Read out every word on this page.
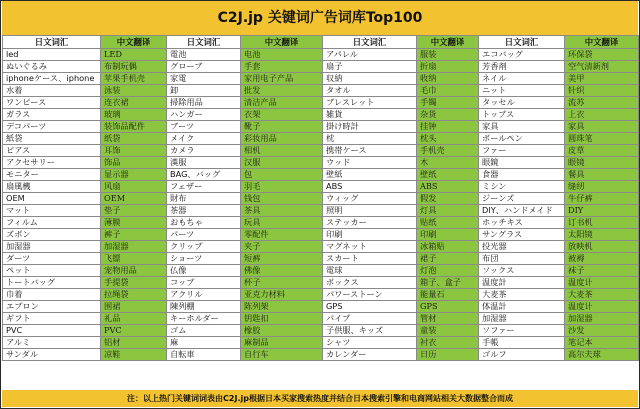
C2J.jp 关键词广告词库Top100
日文词汇	中文翻译	日文词汇	中文翻译	日文词汇	中文翻译	日文词汇	中文翻译
led	LED	電池	电池	アパレル	服装	エコバッグ	环保袋
ぬいぐるみ	布制玩偶	グローブ	手套	扇子	折扇	芳香剤	空气清新剂
iphoneケース、iphone	苹果手机壳	家電	家用电子产品	収納	收纳	ネイル	美甲
水着	泳装	卸	批发	タオル	毛巾	ニット	针织
ワンピース	连衣裙	掃除用品	清洁产品	ブレスレット	手镯	タッセル	流苏
ガラス	玻璃	ハンガー	衣架	雑貨	杂货	トップス	上衣
デコパーツ	装饰品配件	ブーツ	靴子	掛け時計	挂钟	家具	家具
紙袋	纸袋	メイク	彩妆用品	枕	枕头	ボールペン	圆珠笔
ピアス	耳饰	カメラ	相机	携帯ケース	手机壳	ファー	皮草
アクセサリー	饰品	漢服	汉服	ウッド	木	眼鏡	眼镜
モニター	显示器	BAG、バッグ	包	壁紙	壁纸	食器	餐具
扇風機	风扇	フェザー	羽毛	ABS	ABS	ミシン	缝纫
OEM	OEM	財布	钱包	ウィッグ	假发	ジーンズ	牛仔裤
マット	垫子	茶器	茶具	照明	灯具	DIY、ハンドメイド	DIY
フィルム	薄膜	おもちゃ	玩具	ステッカー	贴纸	ホッチキス	订书机
ズボン	裤子	パーツ	零配件	印刷	印刷	サングラス	太阳镜
加湿器	加湿器	クリップ	夹子	マグネット	冰箱贴	投光器	放映机
ダーツ	飞镖	ショーツ	短裤	スカート	裙子	布団	被褥
ペット	宠物用品	仏像	佛像	電球	灯泡	ソックス	袜子
トートバッグ	手提袋	コップ	杯子	ボックス	箱子、盒子	温度計	温度计
巾着	拉绳袋	アクリル	亚克力材料	パワーストーン	能量石	大麦茶	大麦茶
エプロン	围裙	陳列棚	陈列架	GPS	GPS	体温計	温度计
ギフト	礼品	キーホルダー	钥匙扣	パイプ	管材	加湿器	加湿器
PVC	PVC	ゴム	橡胶	子供服、キッズ	童装	ソファー	沙发
アルミ	铝材	麻	麻制品	シャツ	衬衣	手帳	笔记本
サンダル	凉鞋	自転車	自行车	カレンダー	日历	ゴルフ	高尔夫球
注：以上热门关键词词表由C2J.jp根据日本买家搜索热度并结合日本搜索引擎和电商网站相关大数据整合而成
